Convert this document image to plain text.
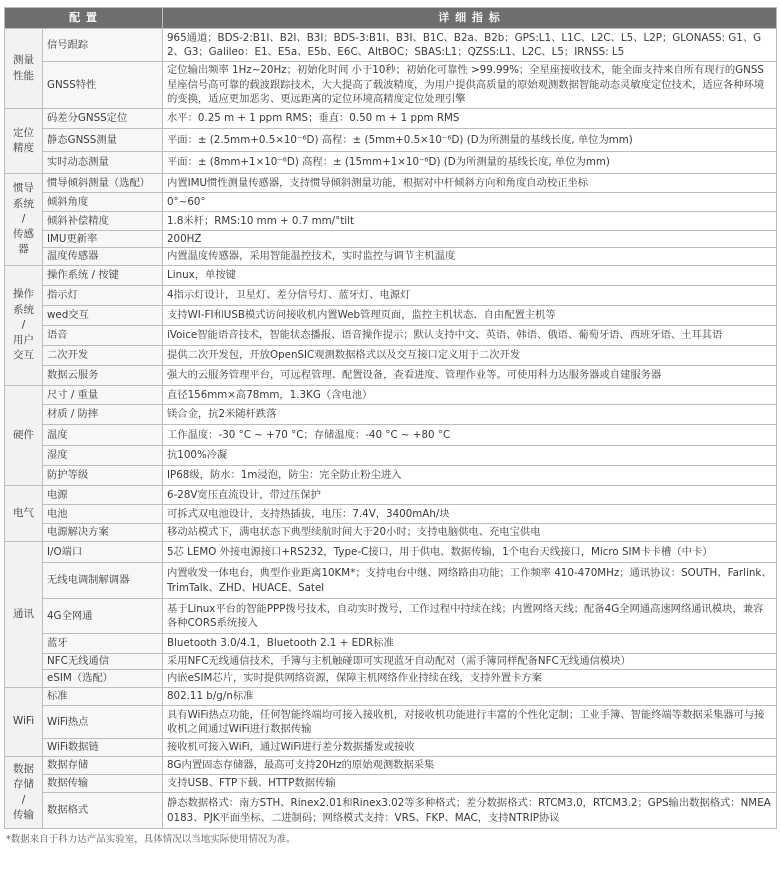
配 置		详 细 指 标
测量
性能	信号跟踪	965通道；BDS-2:B1I、B2I、B3I；BDS-3:B1I、B3I、B1C、B2a、B2b；GPS:L1、L1C、L2C、L5、L2P；GLONASS: G1、G2、G3；Galileo：E1、E5a、E5b、E6C、AltBOC；SBAS:L1；QZSS:L1、L2C、L5；IRNSS: L5
	GNSS特性	定位输出频率 1Hz~20Hz；初始化时间 小于10秒；初始化可靠性 >99.99%；全星座接收技术，能全面支持来自所有现行的GNSS星座信号高可靠的载波跟踪技术，大大提高了载波精度，为用户提供高质量的原始观测数据智能动态灵敏度定位技术，适应各种环境的变换，适应更加恶劣、更远距离的定位环境高精度定位处理引擎
定位
精度	码差分GNSS定位	水平：0.25 m + 1 ppm RMS；垂直：0.50 m + 1 ppm RMS
	静态GNSS测量	平面：± (2.5mm+0.5×10⁻⁶D) 高程：± (5mm+0.5×10⁻⁶D) (D为所测量的基线长度, 单位为mm)
	实时动态测量	平面：± (8mm+1×10⁻⁶D) 高程：± (15mm+1×10⁻⁶D) (D为所测量的基线长度, 单位为mm)
惯导
系统
/
传感器	惯导倾斜测量（选配）	内置IMU惯性测量传感器，支持惯导倾斜测量功能，根据对中杆倾斜方向和角度自动校正坐标
	倾斜角度	0°~60°
	倾斜补偿精度	1.8米杆；RMS:10 mm + 0.7 mm/°tilt
	IMU更新率	200HZ
	温度传感器	内置温度传感器，采用智能温控技术，实时监控与调节主机温度
操作
系统
/
用户
交互	操作系统 / 按键	Linux，单按键
	指示灯	4指示灯设计，卫星灯、差分信号灯、蓝牙灯、电源灯
	wed交互	支持WI-FI和USB模式访问接收机内置Web管理页面，监控主机状态、自由配置主机等
	语音	iVoice智能语音技术，智能状态播报、语音操作提示；默认支持中文、英语、韩语、俄语、葡萄牙语、西班牙语、土耳其语
	二次开发	提供二次开发包，开放OpenSIC观测数据格式以及交互接口定义用于二次开发
	数据云服务	强大的云服务管理平台，可远程管理、配置设备，查看进度、管理作业等。可使用科力达服务器或自建服务器
硬件	尺寸 / 重量	直径156mm×高78mm，1.3KG（含电池）
	材质 / 防摔	镁合金，抗2米随杆跌落
	温度	工作温度：-30 °C ~ +70 °C；存储温度：-40 °C ~ +80 °C
	湿度	抗100%冷凝
	防护等级	IP68级，防水：1m浸泡，防尘：完全防止粉尘进入
电气	电源	6-28V宽压直流设计，带过压保护
	电池	可拆式双电池设计，支持热插拔，电压：7.4V，3400mAh/块
	电源解决方案	移动站模式下，满电状态下典型续航时间大于20小时；支持电脑供电、充电宝供电
通讯	I/O端口	5芯 LEMO 外接电源接口+RS232，Type-C接口，用于供电、数据传输，1个电台天线接口，Micro SIM卡卡槽（中卡）
	无线电调制解调器	内置收发一体电台，典型作业距离10KM*；支持电台中继、网络路由功能；工作频率 410-470MHz；通讯协议：SOUTH、Farlink、TrimTalk、ZHD、HUACE、Satel
	4G全网通	基于Linux平台的智能PPP拨号技术，自动实时拨号，工作过程中持续在线；内置网络天线；配备4G全网通高速网络通讯模块，兼容各种CORS系统接入
	蓝牙	Bluetooth 3.0/4.1，Bluetooth 2.1 + EDR标准
	NFC无线通信	采用NFC无线通信技术，手簿与主机触碰即可实现蓝牙自动配对（需手簿同样配备NFC无线通信模块）
	eSIM（选配）	内嵌eSIM芯片，实时提供网络资源，保障主机网络作业持续在线，支持外置卡方案
WiFi	标准	802.11 b/g/n标准
	WiFi热点	具有WiFi热点功能，任何智能终端均可接入接收机，对接收机功能进行丰富的个性化定制；工业手簿、智能终端等数据采集器可与接收机之间通过WiFi进行数据传输
	WiFi数据链	接收机可接入WiFi，通过WiFi进行差分数据播发或接收
数据
存储
/
传输	数据存储	8G内置固态存储器，最高可支持20Hz的原始观测数据采集
	数据传输	支持USB、FTP下载、HTTP数据传输
	数据格式	静态数据格式：南方STH、Rinex2.01和Rinex3.02等多种格式；差分数据格式：RTCM3.0，RTCM3.2；GPS输出数据格式：NMEA 0183、PJK平面坐标、二进制码；网络模式支持：VRS、FKP、MAC，支持NTRIP协议
*数据来自于科力达产品实验室，具体情况以当地实际使用情况为准。
